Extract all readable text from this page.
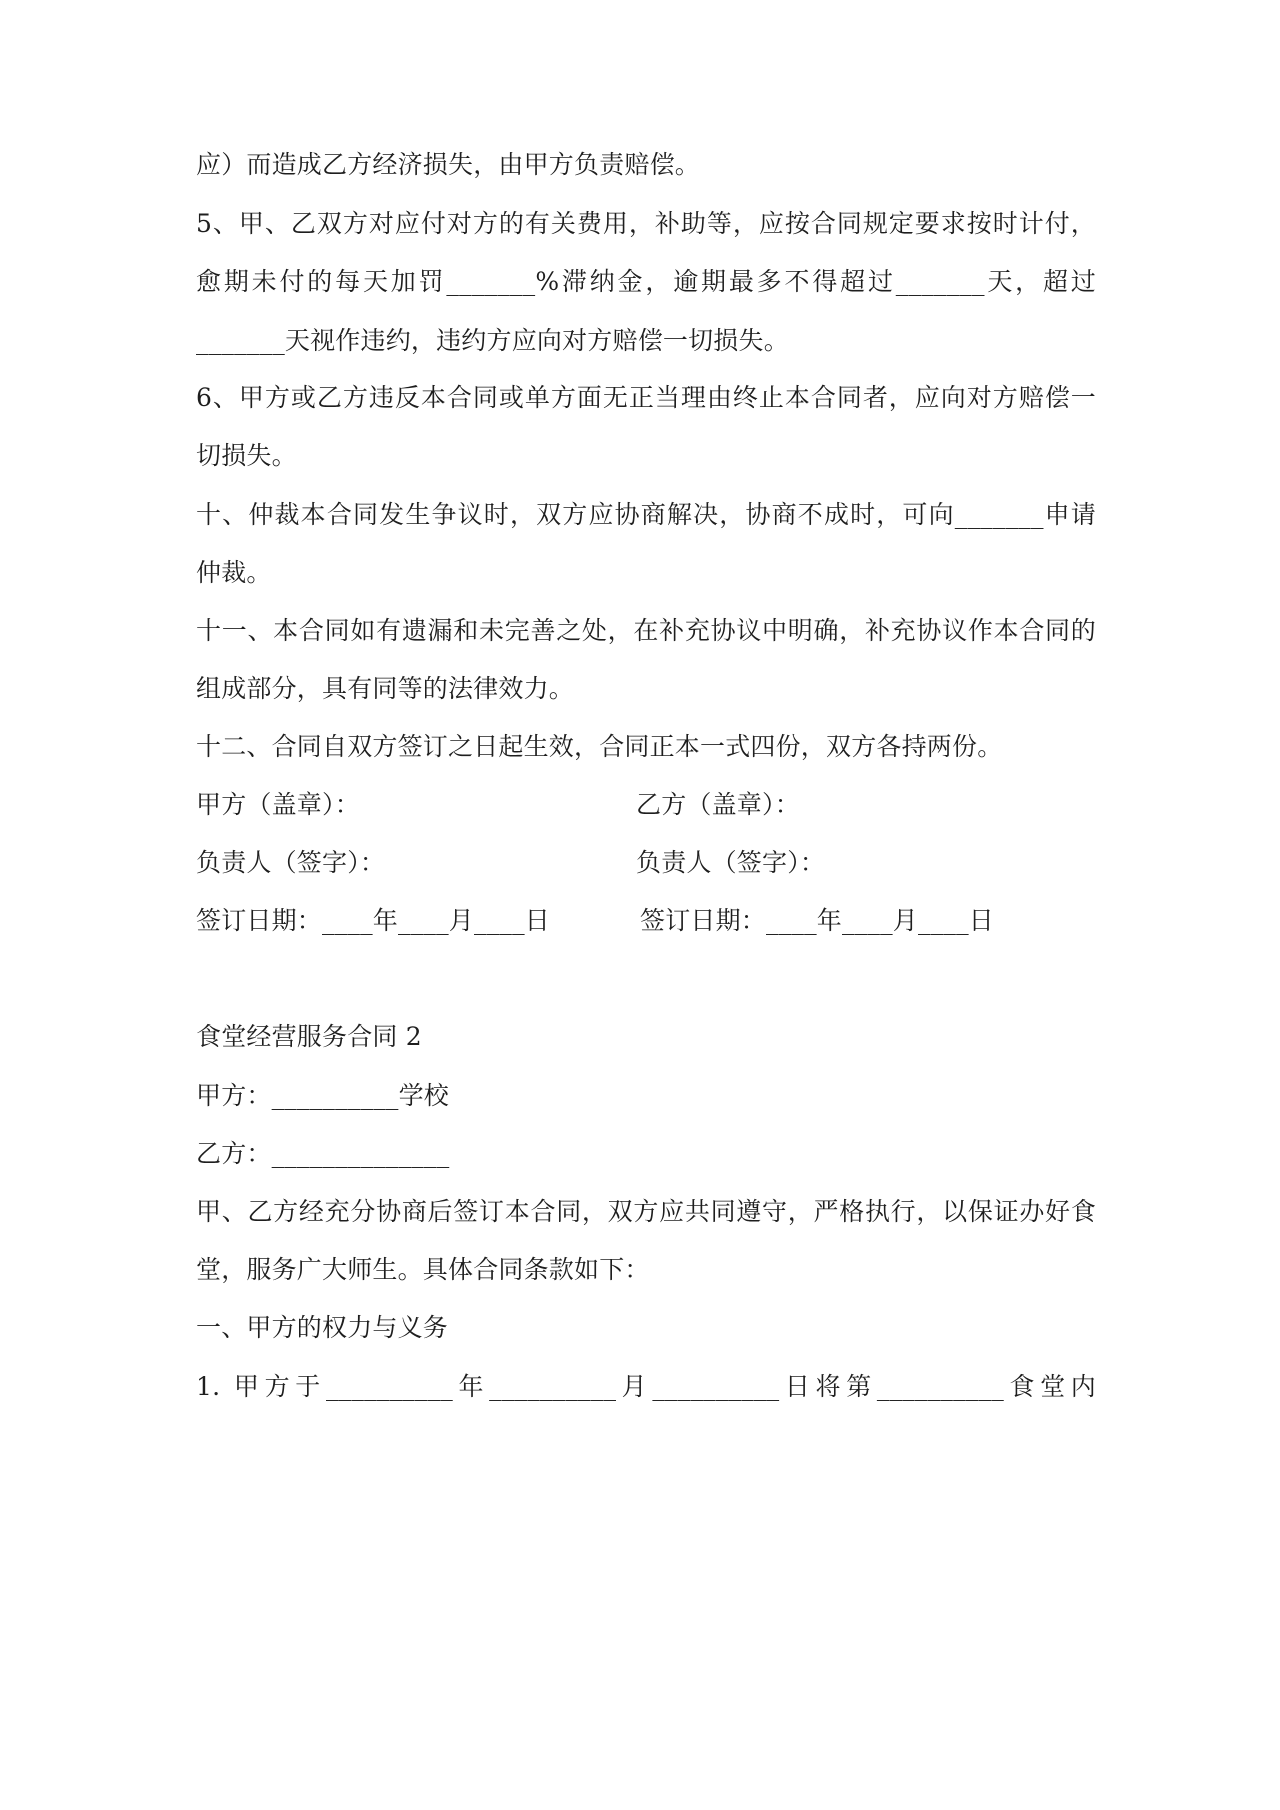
应）而造成乙方经济损失，由甲方负责赔偿。
5、甲、乙双方对应付对方的有关费用，补助等，应按合同规定要求按时计付，
愈期未付的每天加罚_______%滞纳金，逾期最多不得超过_______天，超过
_______天视作违约，违约方应向对方赔偿一切损失。
6、甲方或乙方违反本合同或单方面无正当理由终止本合同者，应向对方赔偿一
切损失。
十、仲裁本合同发生争议时，双方应协商解决，协商不成时，可向_______申请
仲裁。
十一、本合同如有遗漏和未完善之处，在补充协议中明确，补充协议作本合同的
组成部分，具有同等的法律效力。
十二、合同自双方签订之日起生效，合同正本一式四份，双方各持两份。
甲方（盖章）：	乙方（盖章）：
负责人（签字）：	负责人（签字）：
签订日期：____年____月____日	签订日期：____年____月____日
食堂经营服务合同 2
甲方：__________学校
乙方：______________
甲、乙方经充分协商后签订本合同，双方应共同遵守，严格执行，以保证办好食
堂，服务广大师生。具体合同条款如下：
一、甲方的权力与义务
1. 甲方于__________年__________月__________日将第__________食堂内
